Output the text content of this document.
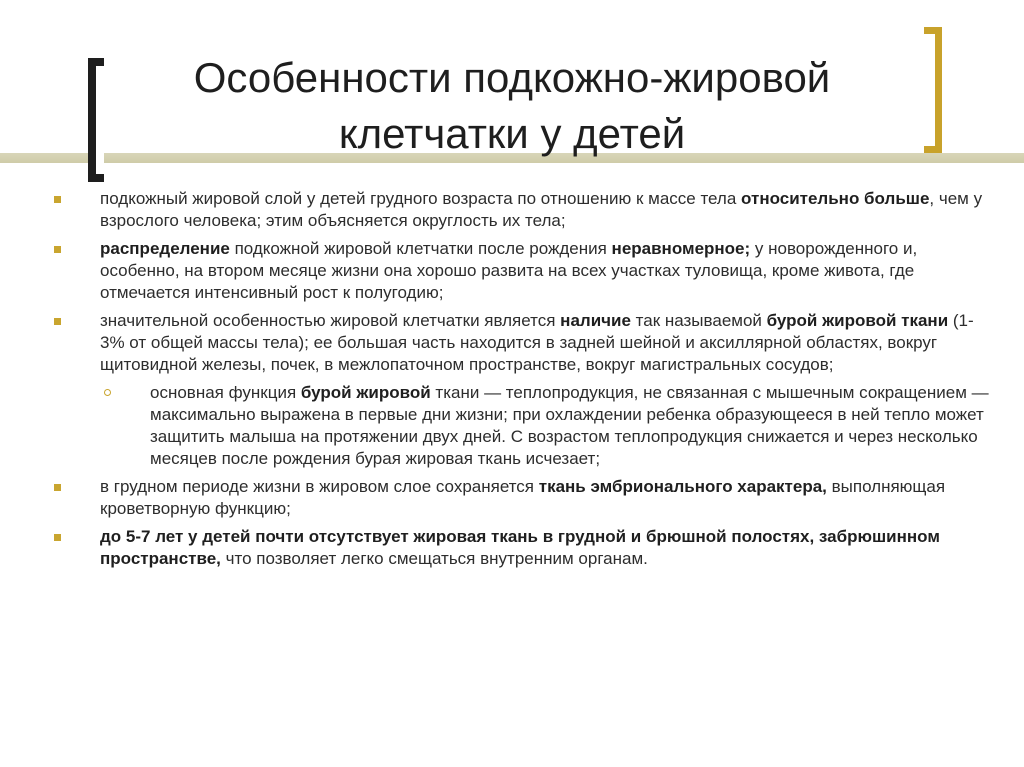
Особенности подкожно-жировой
клетчатки у детей
подкожный жировой слой у детей грудного возраста по отношению к массе тела относительно больше, чем у взрослого человека; этим объясняется округлость их тела;
распределение подкожной жировой клетчатки после рождения неравномерное; у новорожденного и, особенно, на втором месяце жизни она хорошо развита на всех участках туловища, кроме живота, где отмечается интенсивный рост к полугодию;
значительной особенностью жировой клетчатки является наличие так называемой бурой жировой ткани (1-3% от общей массы тела); ее большая часть находится в задней шейной и аксиллярной областях, вокруг щитовидной железы, почек, в межлопаточном пространстве, вокруг магистральных сосудов;
основная функция бурой жировой ткани — теплопродукция, не связанная с мышечным сокращением — максимально выражена в первые дни жизни; при охлаждении ребенка образующееся в ней тепло может защитить малыша на протяжении двух дней. С возрастом теплопродукция снижается и через несколько месяцев после рождения бурая жировая ткань исчезает;
в грудном периоде жизни в жировом слое сохраняется ткань эмбрионального характера, выполняющая кроветворную функцию;
до 5-7 лет у детей почти отсутствует жировая ткань в грудной и брюшной полостях, забрюшинном пространстве, что позволяет легко смещаться внутренним органам.
